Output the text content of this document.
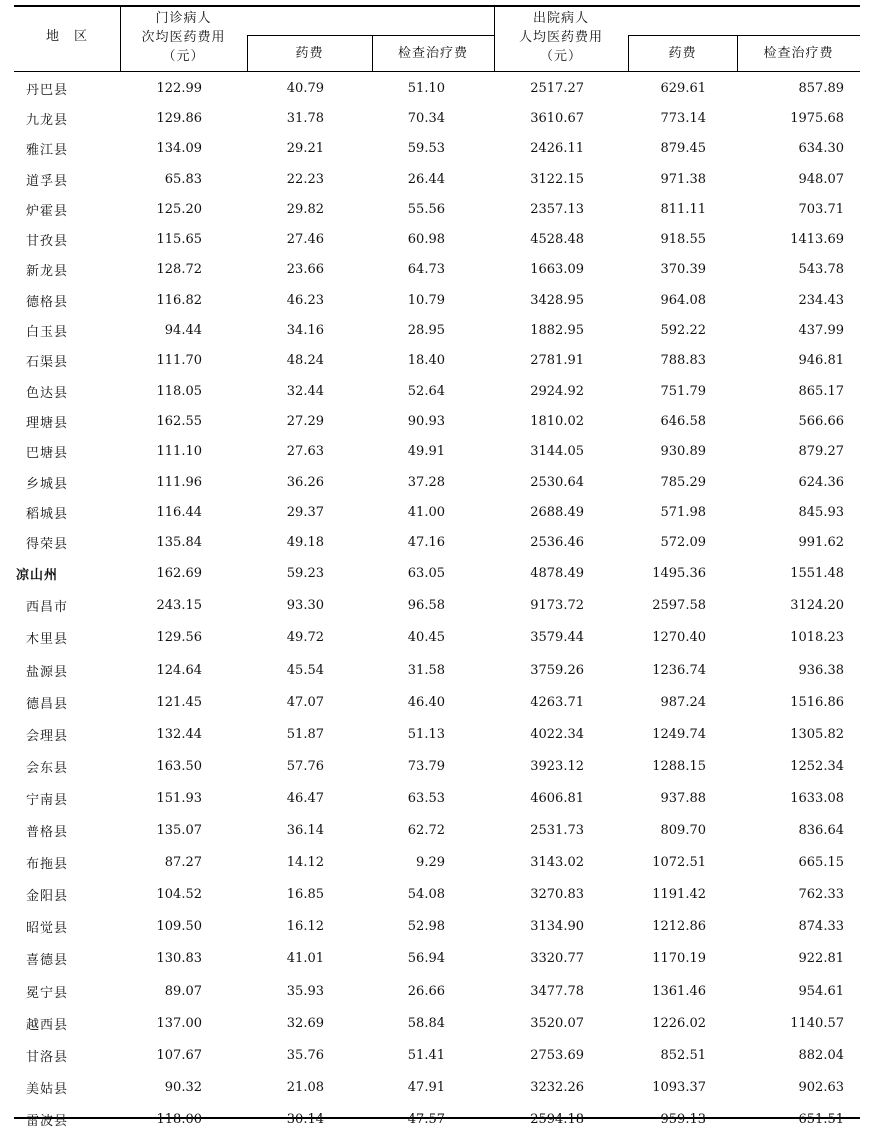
地　区
门诊病人
次均医药费用
（元）	药费	检查治疗费
出院病人
人均医药费用
（元）	药费	检查治疗费
丹巴县	122.99	40.79	51.10	2517.27	629.61	857.89
九龙县	129.86	31.78	70.34	3610.67	773.14	1975.68
雅江县	134.09	29.21	59.53	2426.11	879.45	634.30
道孚县	65.83	22.23	26.44	3122.15	971.38	948.07
炉霍县	125.20	29.82	55.56	2357.13	811.11	703.71
甘孜县	115.65	27.46	60.98	4528.48	918.55	1413.69
新龙县	128.72	23.66	64.73	1663.09	370.39	543.78
德格县	116.82	46.23	10.79	3428.95	964.08	234.43
白玉县	94.44	34.16	28.95	1882.95	592.22	437.99
石渠县	111.70	48.24	18.40	2781.91	788.83	946.81
色达县	118.05	32.44	52.64	2924.92	751.79	865.17
理塘县	162.55	27.29	90.93	1810.02	646.58	566.66
巴塘县	111.10	27.63	49.91	3144.05	930.89	879.27
乡城县	111.96	36.26	37.28	2530.64	785.29	624.36
稻城县	116.44	29.37	41.00	2688.49	571.98	845.93
得荣县	135.84	49.18	47.16	2536.46	572.09	991.62
凉山州	162.69	59.23	63.05	4878.49	1495.36	1551.48
西昌市	243.15	93.30	96.58	9173.72	2597.58	3124.20
木里县	129.56	49.72	40.45	3579.44	1270.40	1018.23
盐源县	124.64	45.54	31.58	3759.26	1236.74	936.38
德昌县	121.45	47.07	46.40	4263.71	987.24	1516.86
会理县	132.44	51.87	51.13	4022.34	1249.74	1305.82
会东县	163.50	57.76	73.79	3923.12	1288.15	1252.34
宁南县	151.93	46.47	63.53	4606.81	937.88	1633.08
普格县	135.07	36.14	62.72	2531.73	809.70	836.64
布拖县	87.27	14.12	9.29	3143.02	1072.51	665.15
金阳县	104.52	16.85	54.08	3270.83	1191.42	762.33
昭觉县	109.50	16.12	52.98	3134.90	1212.86	874.33
喜德县	130.83	41.01	56.94	3320.77	1170.19	922.81
冕宁县	89.07	35.93	26.66	3477.78	1361.46	954.61
越西县	137.00	32.69	58.84	3520.07	1226.02	1140.57
甘洛县	107.67	35.76	51.41	2753.69	852.51	882.04
美姑县	90.32	21.08	47.91	3232.26	1093.37	902.63
雷波县	118.00	30.14	47.57	2594.18	959.13	651.51
